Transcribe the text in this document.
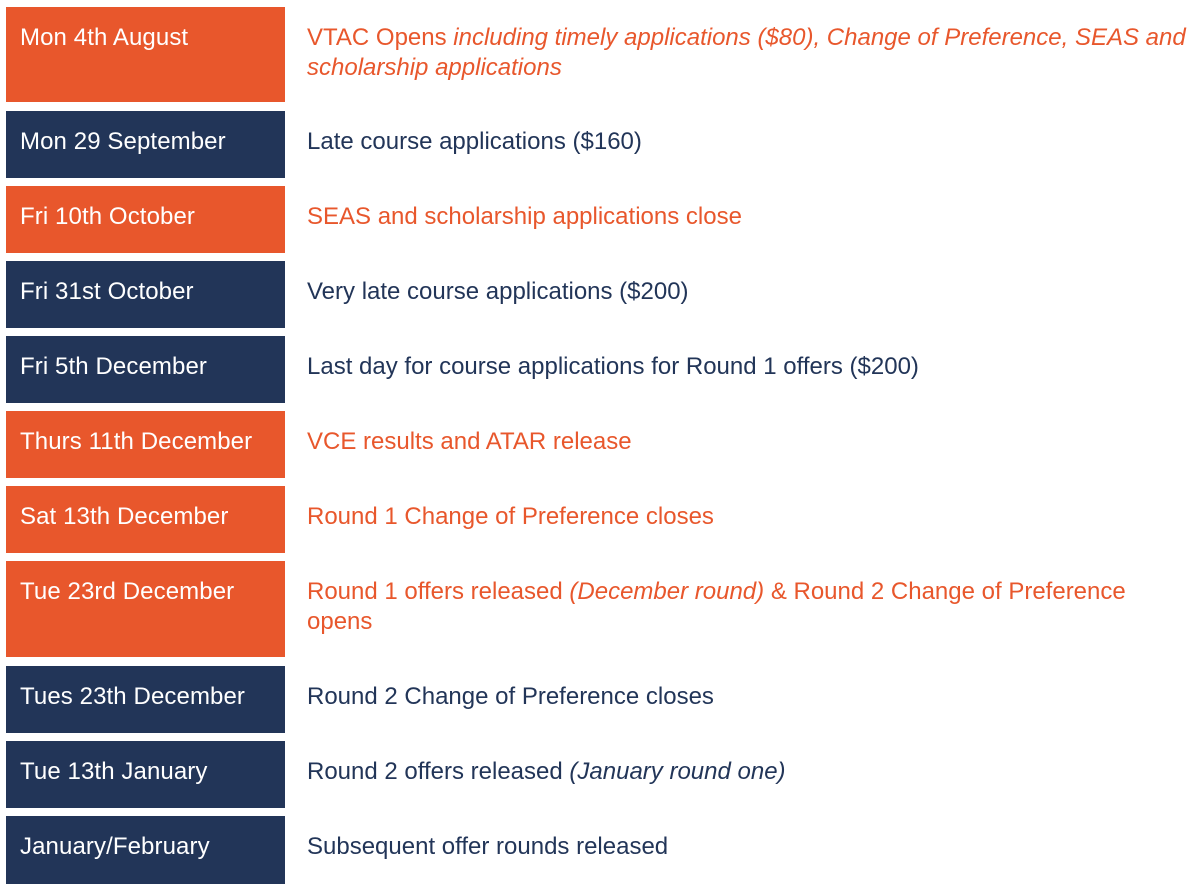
Mon 4th August	VTAC Opens including timely applications ($80), Change of Preference, SEAS and scholarship applications
Mon 29 September	Late course applications ($160)
Fri 10th October	SEAS and scholarship applications close
Fri 31st October	Very late course applications ($200)
Fri 5th December	Last day for course applications for Round 1 offers ($200)
Thurs 11th December	VCE results and ATAR release
Sat 13th December	Round 1 Change of Preference closes
Tue 23rd December	Round 1 offers released (December round) & Round 2 Change of Preference opens
Tues 23th December	Round 2 Change of Preference closes
Tue 13th January	Round 2 offers released (January round one)
January/February	Subsequent offer rounds released
